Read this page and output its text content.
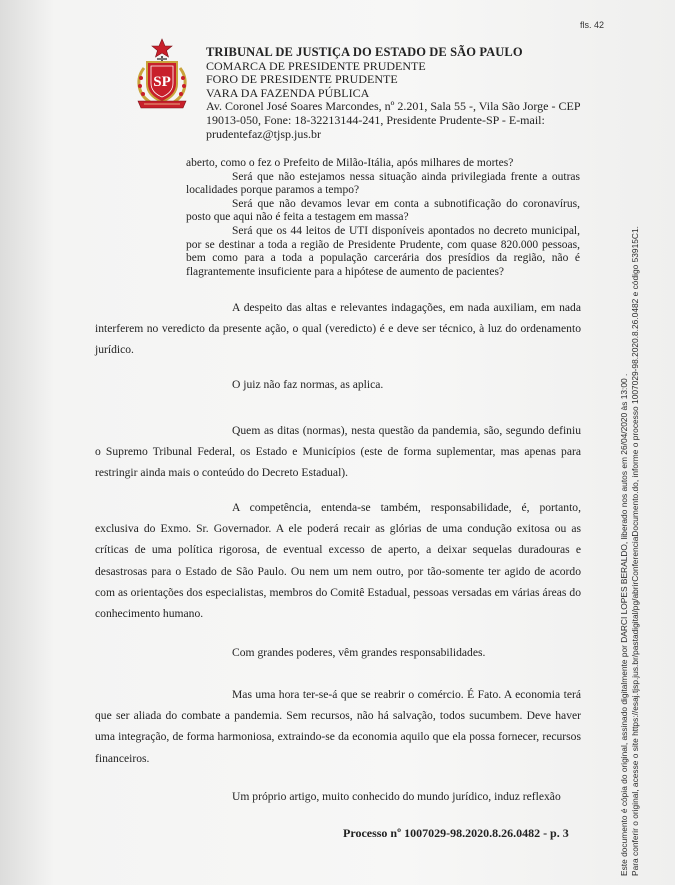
fls. 42
SP
TRIBUNAL DE JUSTIÇA DO ESTADO DE SÃO PAULO
COMARCA DE PRESIDENTE PRUDENTE
FORO DE PRESIDENTE PRUDENTE
VARA DA FAZENDA PÚBLICA
Av. Coronel José Soares Marcondes, nº 2.201, Sala 55 -, Vila São Jorge - CEP
19013-050, Fone: 18-32213144-241, Presidente Prudente-SP - E-mail:
prudentefaz@tjsp.jus.br

aberto, como o fez o Prefeito de Milão-Itália, após milhares de mortes?

Será que não estejamos nessa situação ainda privilegiada frente a outras localidades porque paramos a tempo?

Será que não devamos levar em conta a subnotificação do coronavírus, posto que aqui não é feita a testagem em massa?

Será que os 44 leitos de UTI disponíveis apontados no decreto municipal, por se destinar a toda a região de Presidente Prudente, com quase 820.000 pessoas, bem como para a toda a população carcerária dos presídios da região, não é flagrantemente insuficiente para a hipótese de aumento de pacientes?

A despeito das altas e relevantes indagações, em nada auxiliam, em nada interferem no veredicto da presente ação, o qual (veredicto) é e deve ser técnico, à luz do ordenamento jurídico.

O juiz não faz normas, as aplica.

Quem as ditas (normas), nesta questão da pandemia, são, segundo definiu o Supremo Tribunal Federal, os Estado e Municípios (este de forma suplementar, mas apenas para restringir ainda mais o conteúdo do Decreto Estadual).

A competência, entenda-se também, responsabilidade, é, portanto, exclusiva do Exmo. Sr. Governador. A ele poderá recair as glórias de uma condução exitosa ou as críticas de uma política rigorosa, de eventual excesso de aperto, a deixar sequelas duradouras e desastrosas para o Estado de São Paulo. Ou nem um nem outro, por tão-somente ter agido de acordo com as orientações dos especialistas, membros do Comitê Estadual, pessoas versadas em várias áreas do conhecimento humano.

Com grandes poderes, vêm grandes responsabilidades.

Mas uma hora ter-se-á que se reabrir o comércio. É Fato. A economia terá que ser aliada do combate a pandemia. Sem recursos, não há salvação, todos sucumbem. Deve haver uma integração, de forma harmoniosa, extraindo-se da economia aquilo que ela possa fornecer, recursos financeiros.

Um próprio artigo, muito conhecido do mundo jurídico, induz reflexão

Processo nº 1007029-98.2020.8.26.0482 - p. 3	Este documento é cópia do original, assinado digitalmente por DARCI LOPES BERALDO, liberado nos autos em 26/04/2020 às 13:00 . Para conferir o original, acesse o site https://esaj.tjsp.jus.br/pastadigital/pg/abrirConferenciaDocumento.do, informe o processo 1007029-98.2020.8.26.0482 e código 53915C1.
